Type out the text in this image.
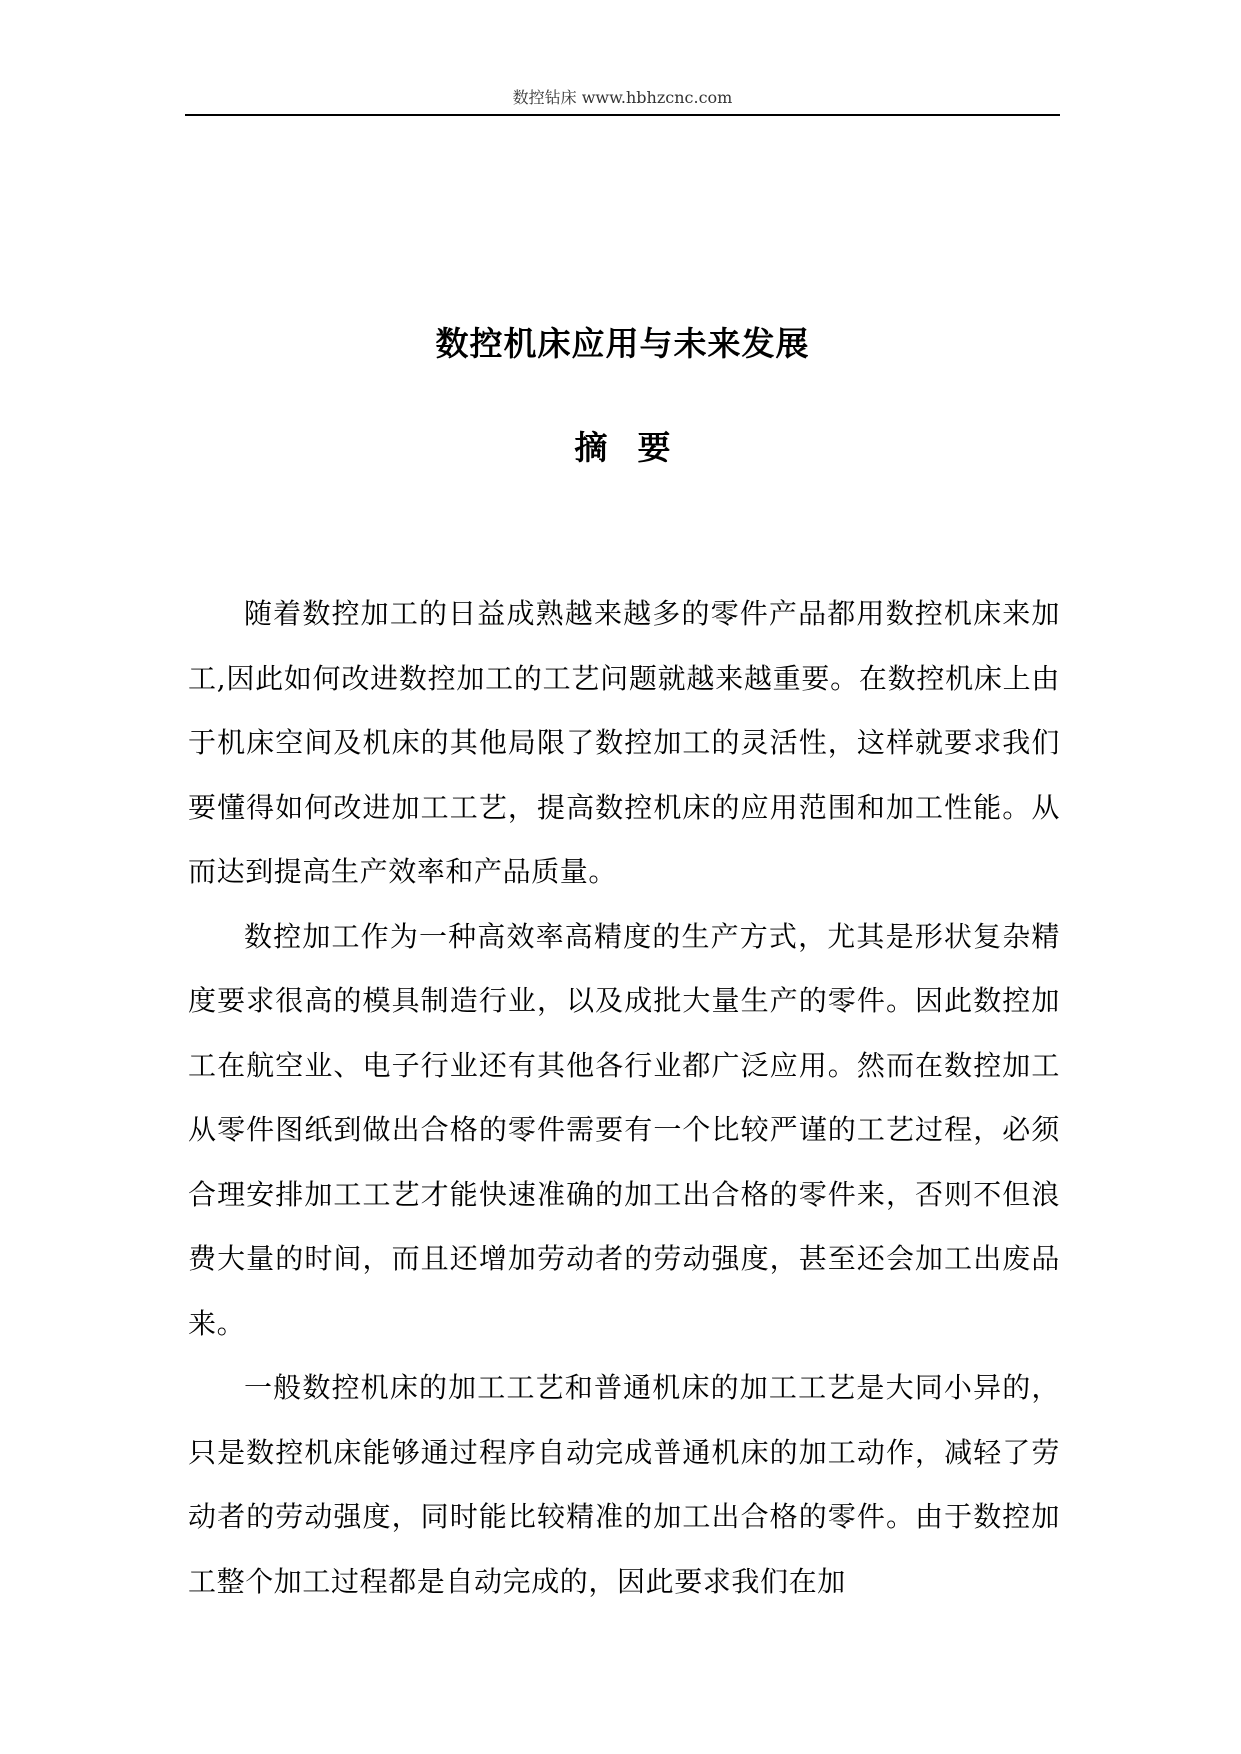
数控钻床 www.hbhzcnc.com
数控机床应用与未来发展
摘要

随着数控加工的日益成熟越来越多的零件产品都用数控机床来加工,因此如何改进数控加工的工艺问题就越来越重要。在数控机床上由于机床空间及机床的其他局限了数控加工的灵活性，这样就要求我们要懂得如何改进加工工艺，提高数控机床的应用范围和加工性能。从而达到提高生产效率和产品质量。

数控加工作为一种高效率高精度的生产方式，尤其是形状复杂精度要求很高的模具制造行业，以及成批大量生产的零件。因此数控加工在航空业、电子行业还有其他各行业都广泛应用。然而在数控加工从零件图纸到做出合格的零件需要有一个比较严谨的工艺过程，必须合理安排加工工艺才能快速准确的加工出合格的零件来，否则不但浪费大量的时间，而且还增加劳动者的劳动强度，甚至还会加工出废品来。

一般数控机床的加工工艺和普通机床的加工工艺是大同小异的，只是数控机床能够通过程序自动完成普通机床的加工动作，减轻了劳动者的劳动强度，同时能比较精准的加工出合格的零件。由于数控加工整个加工过程都是自动完成的，因此要求我们在加
